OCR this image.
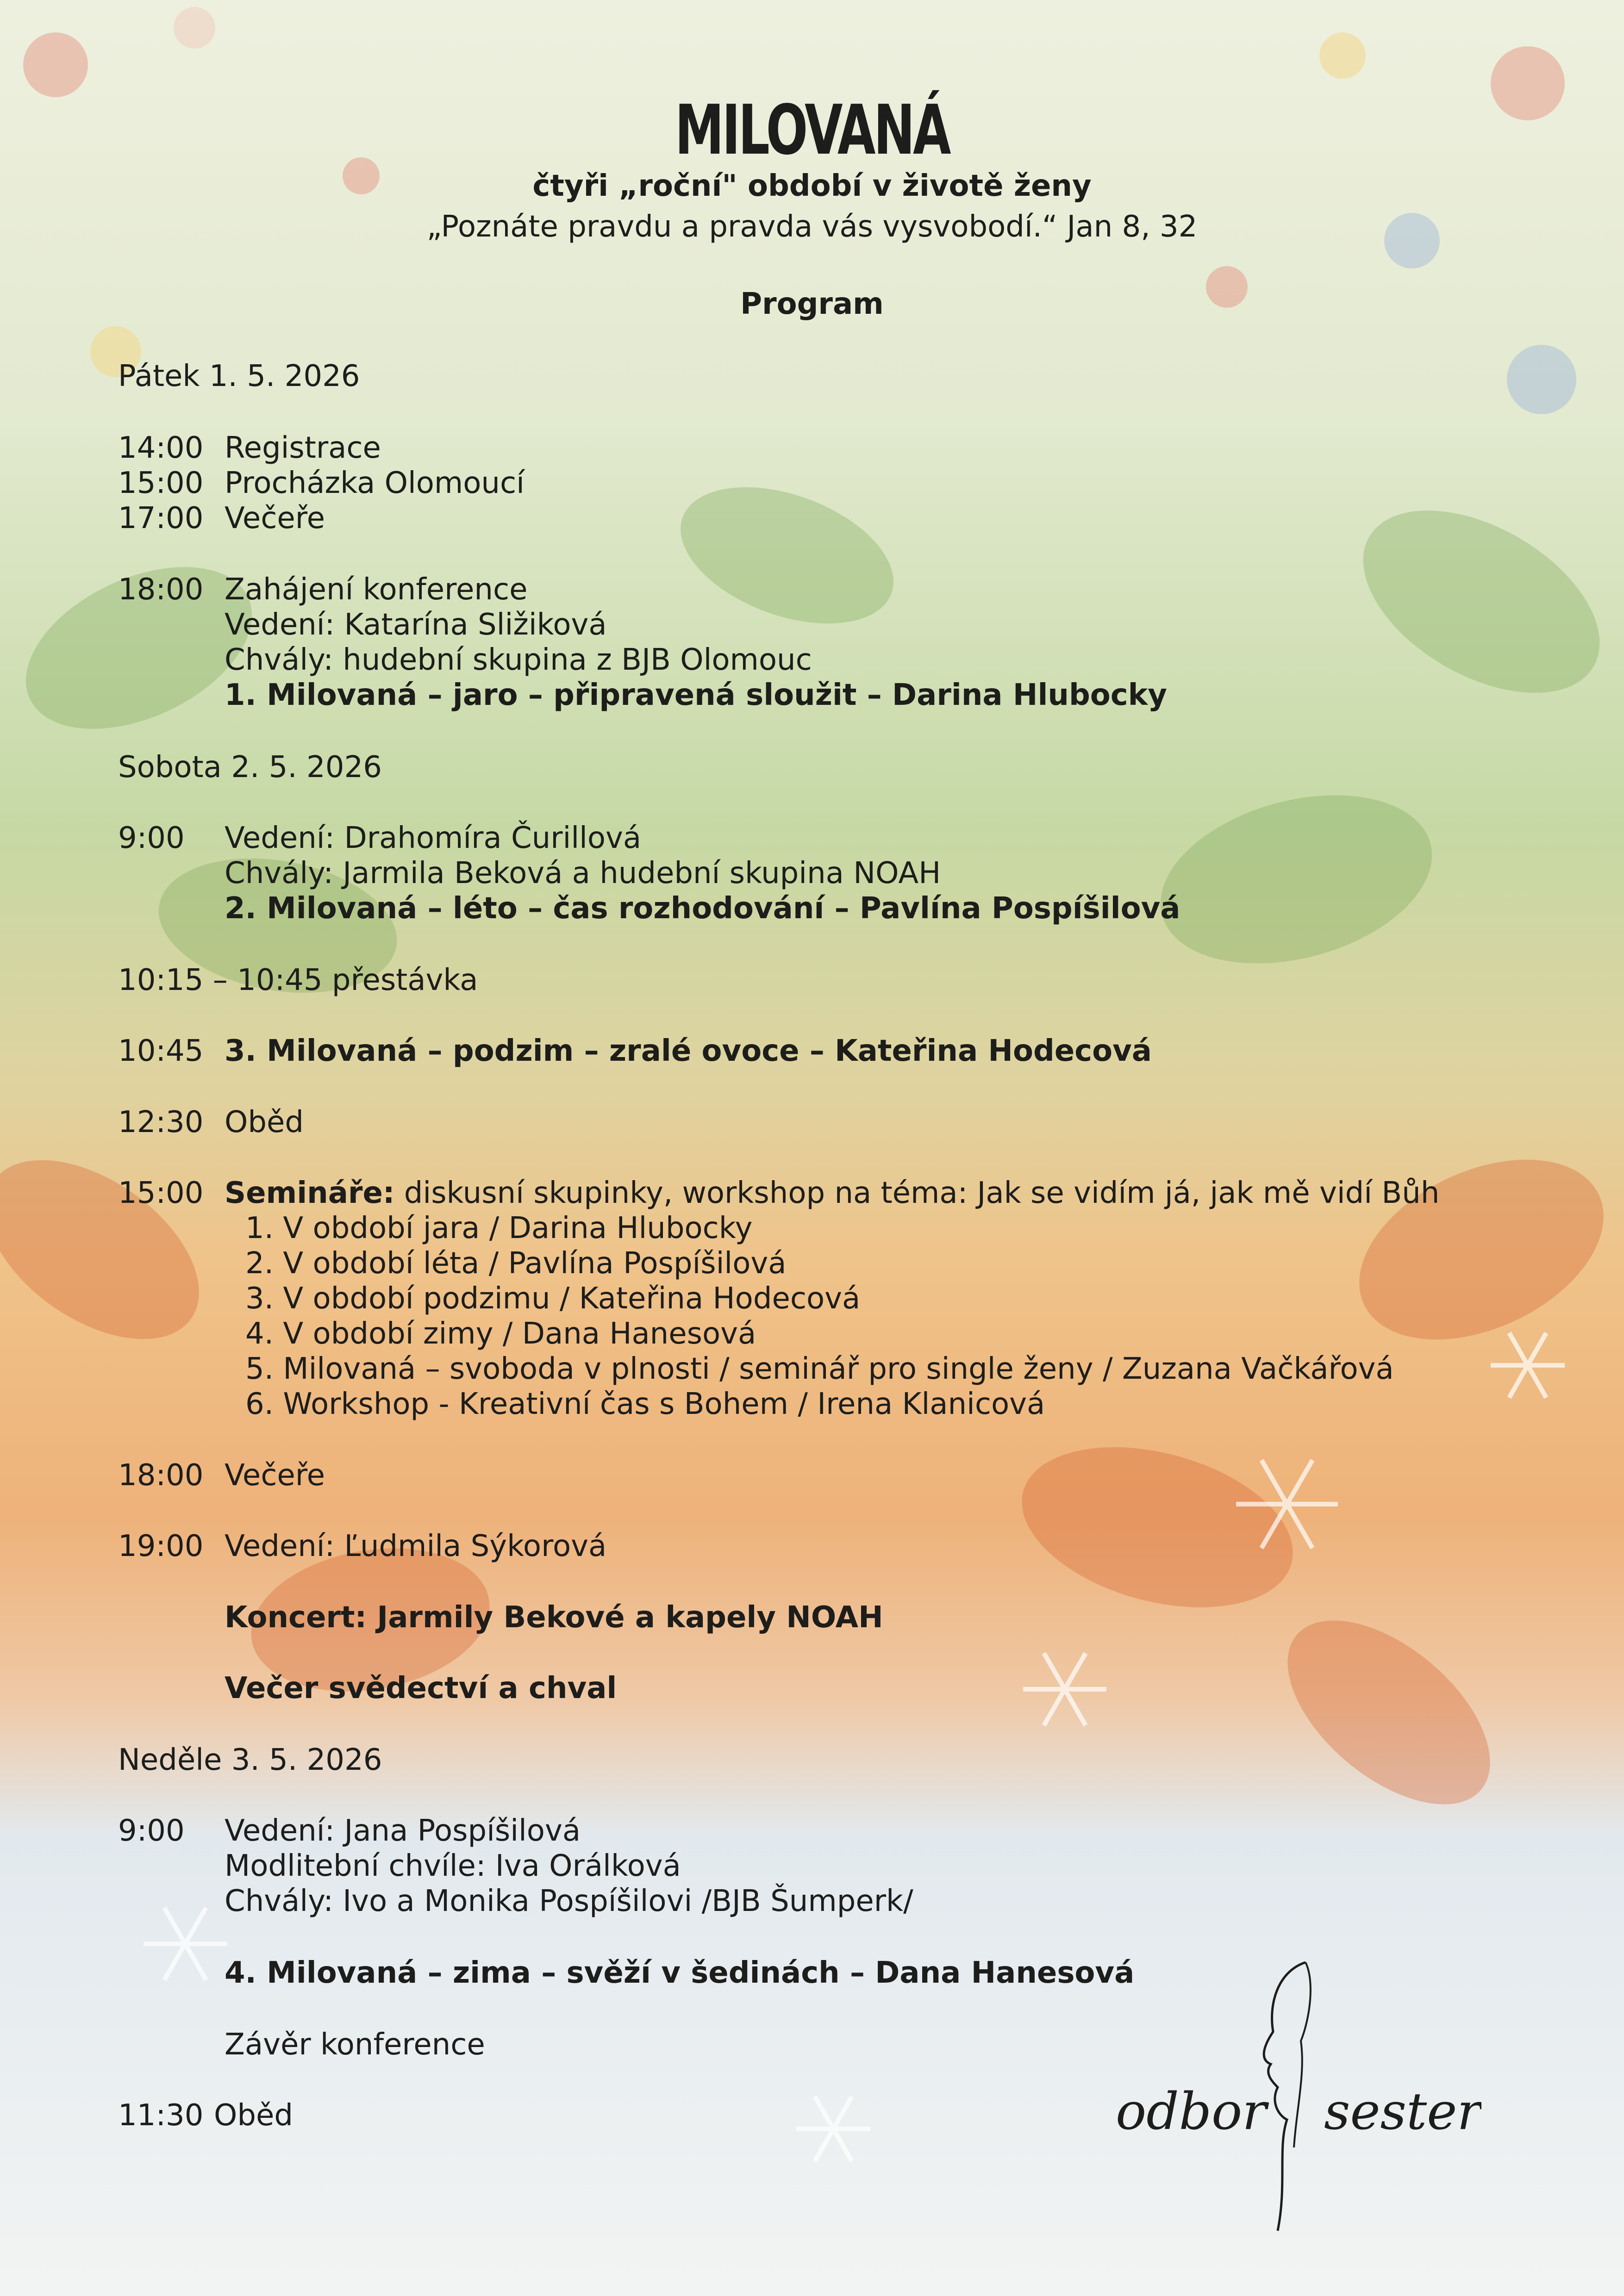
MILOVANÁ
čtyři „roční" období v životě ženy
„Poznáte pravdu a pravda vás vysvobodí.“ Jan 8, 32
Program
Pátek 1. 5. 2026
14:00 Registrace
15:00 Procházka Olomoucí
17:00 Večeře
18:00 Zahájení konference
Vedení: Katarína Sližiková
Chvály: hudební skupina z BJB Olomouc
1. Milovaná – jaro – připravená sloužit – Darina Hlubocky
Sobota 2. 5. 2026
9:00 Vedení: Drahomíra Čurillová
Chvály: Jarmila Beková a hudební skupina NOAH
2. Milovaná – léto – čas rozhodování – Pavlína Pospíšilová
10:15 – 10:45 přestávka
10:45 3. Milovaná – podzim – zralé ovoce – Kateřina Hodecová
12:30 Oběd
15:00 Semináře: diskusní skupinky, workshop na téma: Jak se vidím já, jak mě vidí Bůh
1. V období jara / Darina Hlubocky
2. V období léta / Pavlína Pospíšilová
3. V období podzimu / Kateřina Hodecová
4. V období zimy / Dana Hanesová
5. Milovaná – svoboda v plnosti / seminář pro single ženy / Zuzana Vačkářová
6. Workshop - Kreativní čas s Bohem / Irena Klanicová
18:00 Večeře
19:00 Vedení: Ľudmila Sýkorová
Koncert: Jarmily Bekové a kapely NOAH
Večer svědectví a chval
Neděle 3. 5. 2026
9:00 Vedení: Jana Pospíšilová
Modlitební chvíle: Iva Orálková
Chvály: Ivo a Monika Pospíšilovi /BJB Šumperk/
4. Milovaná – zima – svěží v šedinách – Dana Hanesová
Závěr konference
11:30 Oběd	odbor sester
